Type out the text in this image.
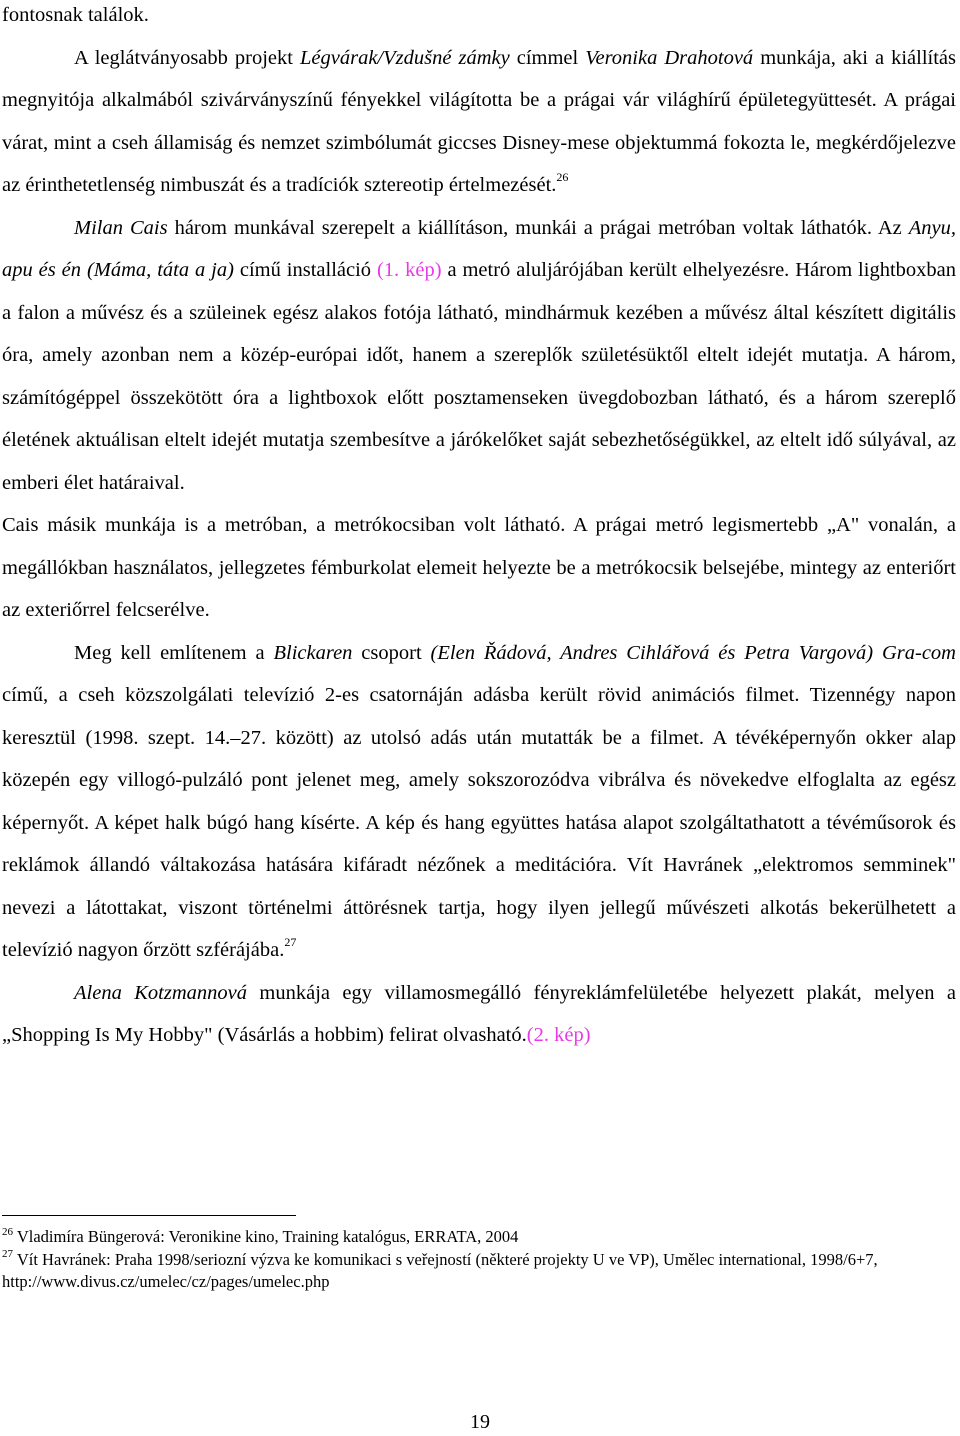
fontosnak találok.

A leglátványosabb projekt Légvárak/Vzdušné zámky címmel Veronika Drahotová munkája, aki a kiállítás megnyitója alkalmából szivárványszínű fényekkel világította be a prágai vár világhírű épületegyüttesét. A prágai várat, mint a cseh államiság és nemzet szimbólumát giccses Disney-mese objektummá fokozta le, megkérdőjelezve az érinthetetlenség nimbuszát és a tradíciók sztereotip értelmezését.$^{26}$

Milan Cais három munkával szerepelt a kiállításon, munkái a prágai metróban voltak láthatók. Az Anyu, apu és én (Máma, táta a ja) című installáció (1. kép) a metró aluljárójában került elhelyezésre. Három lightboxban a falon a művész és a szüleinek egész alakos fotója látható, mindhármuk kezében a művész által készített digitális óra, amely azonban nem a közép-európai időt, hanem a szereplők születésüktől eltelt idejét mutatja. A három, számítógéppel összekötött óra a lightboxok előtt posztamenseken üvegdobozban látható, és a három szereplő életének aktuálisan eltelt idejét mutatja szembesítve a járókelőket saját sebezhetőségükkel, az eltelt idő súlyával, az emberi élet határaival.

Cais másik munkája is a metróban, a metrókocsiban volt látható. A prágai metró legismertebb „A" vonalán, a megállókban használatos, jellegzetes fémburkolat elemeit helyezte be a metrókocsik belsejébe, mintegy az enteriőrt az exteriőrrel felcserélve.

Meg kell említenem a Blickaren csoport (Elen Řádová, Andres Cihlářová és Petra Vargová) Gra-com című, a cseh közszolgálati televízió 2-es csatornáján adásba került rövid animációs filmet. Tizennégy napon keresztül (1998. szept. 14.–27. között) az utolsó adás után mutatták be a filmet. A tévéképernyőn okker alap közepén egy villogó-pulzáló pont jelenet meg, amely sokszorozódva vibrálva és növekedve elfoglalta az egész képernyőt. A képet halk búgó hang kísérte. A kép és hang együttes hatása alapot szolgáltathatott a tévéműsorok és reklámok állandó váltakozása hatására kifáradt nézőnek a meditációra. Vít Havránek „elektromos semminek" nevezi a látottakat, viszont történelmi áttörésnek tartja, hogy ilyen jellegű művészeti alkotás bekerülhetett a televízió nagyon őrzött szférájába.$^{27}$

Alena Kotzmannová munkája egy villamosmegálló fényreklámfelületébe helyezett plakát, melyen a „Shopping Is My Hobby" (Vásárlás a hobbim) felirat olvasható.(2. kép)

$^{26}$ Vladimíra Büngerová: Veronikine kino, Training katalógus, ERRATA, 2004

$^{27}$ Vít Havránek: Praha 1998/seriozní výzva ke komunikaci s veřejností (některé projekty U ve VP), Umělec international, 1998/6+7, http://www.divus.cz/umelec/cz/pages/umelec.php

19
